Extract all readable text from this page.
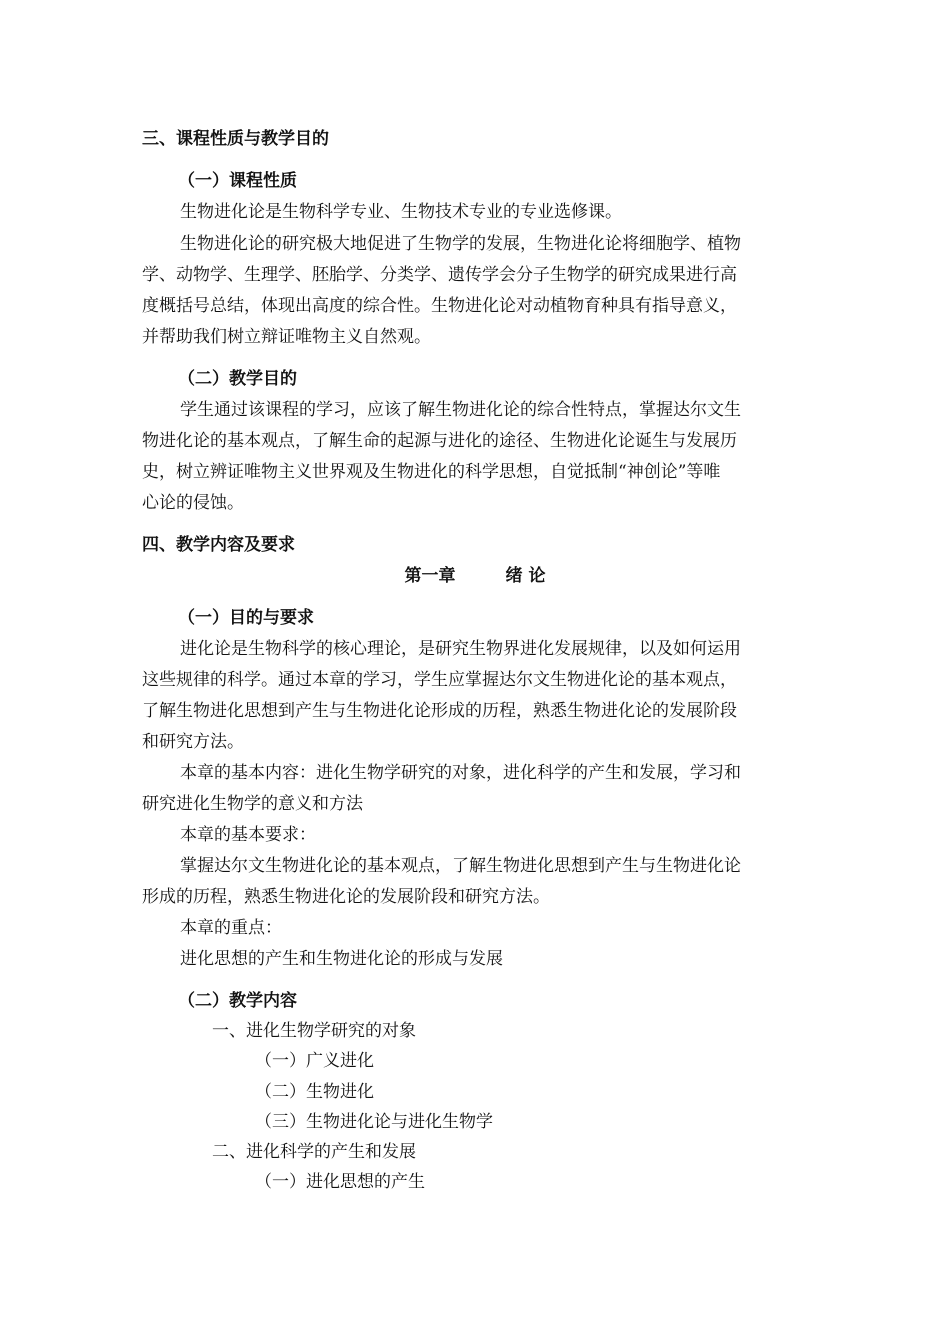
三、课程性质与教学目的
（一）课程性质
生物进化论是生物科学专业、生物技术专业的专业选修课。
生物进化论的研究极大地促进了生物学的发展，生物进化论将细胞学、植物
学、动物学、生理学、胚胎学、分类学、遗传学会分子生物学的研究成果进行高
度概括号总结，体现出高度的综合性。生物进化论对动植物育种具有指导意义，
并帮助我们树立辩证唯物主义自然观。
（二）教学目的
学生通过该课程的学习，应该了解生物进化论的综合性特点，掌握达尔文生
物进化论的基本观点，了解生命的起源与进化的途径、生物进化论诞生与发展历
史，树立辨证唯物主义世界观及生物进化的科学思想，自觉抵制“神创论”等唯
心论的侵蚀。
四、教学内容及要求
第一章	绪 论
（一）目的与要求
进化论是生物科学的核心理论，是研究生物界进化发展规律，以及如何运用
这些规律的科学。通过本章的学习，学生应掌握达尔文生物进化论的基本观点，
了解生物进化思想到产生与生物进化论形成的历程，熟悉生物进化论的发展阶段
和研究方法。
本章的基本内容：进化生物学研究的对象，进化科学的产生和发展，学习和
研究进化生物学的意义和方法
本章的基本要求：
掌握达尔文生物进化论的基本观点，了解生物进化思想到产生与生物进化论
形成的历程，熟悉生物进化论的发展阶段和研究方法。
本章的重点：
进化思想的产生和生物进化论的形成与发展
（二）教学内容
一、进化生物学研究的对象
（一）广义进化
（二）生物进化
（三）生物进化论与进化生物学
二、进化科学的产生和发展
（一）进化思想的产生
